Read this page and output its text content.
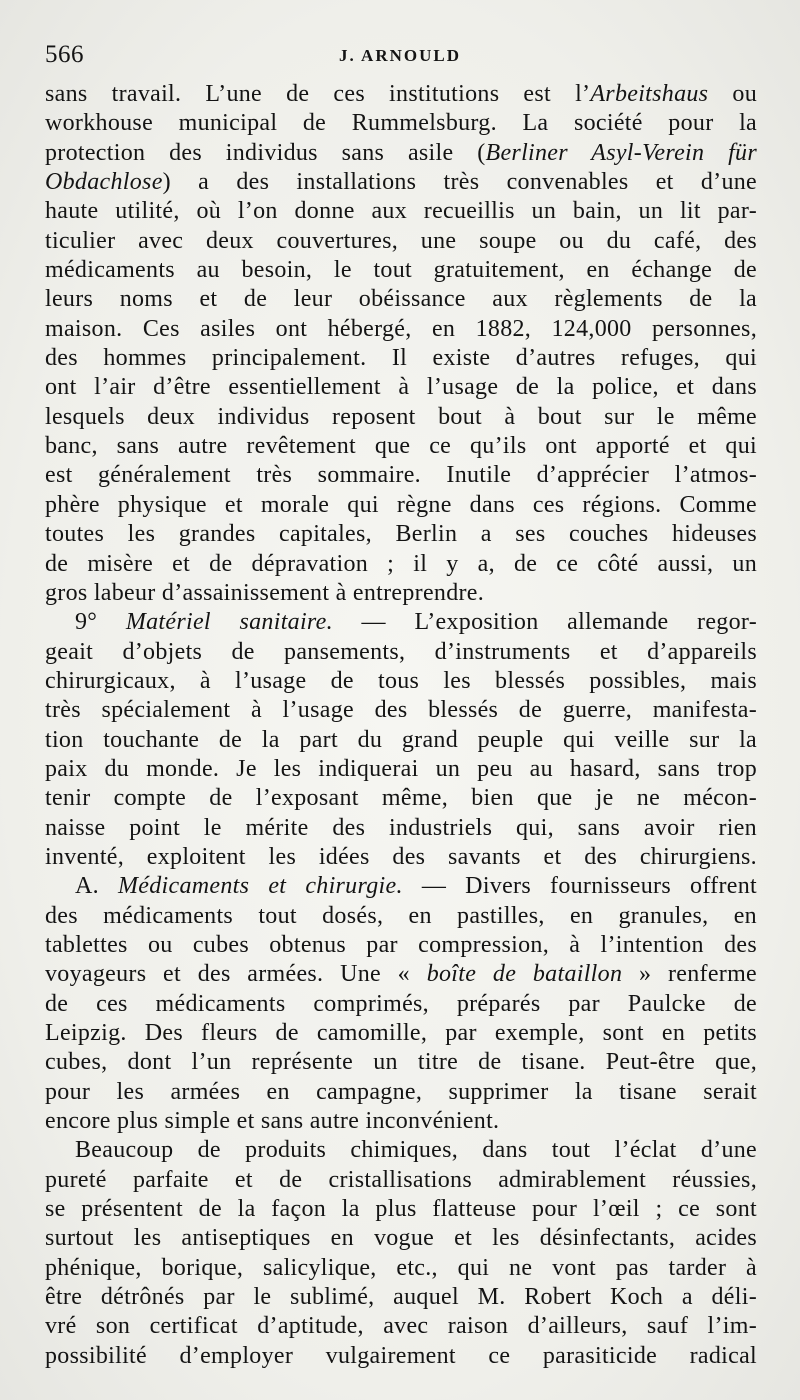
566	J. ARNOULD
sans travail. L’une de ces institutions est l’Arbeitshaus ou
workhouse municipal de Rummelsburg. La société pour la
protection des individus sans asile (Berliner Asyl-Verein für
Obdachlose) a des installations très convenables et d’une
haute utilité, où l’on donne aux recueillis un bain, un lit par-
ticulier avec deux couvertures, une soupe ou du café, des
médicaments au besoin, le tout gratuitement, en échange de
leurs noms et de leur obéissance aux règlements de la
maison. Ces asiles ont hébergé, en 1882, 124,000 personnes,
des hommes principalement. Il existe d’autres refuges, qui
ont l’air d’être essentiellement à l’usage de la police, et dans
lesquels deux individus reposent bout à bout sur le même
banc, sans autre revêtement que ce qu’ils ont apporté et qui
est généralement très sommaire. Inutile d’apprécier l’atmos-
phère physique et morale qui règne dans ces régions. Comme
toutes les grandes capitales, Berlin a ses couches hideuses
de misère et de dépravation ; il y a, de ce côté aussi, un
gros labeur d’assainissement à entreprendre.
9° Matériel sanitaire. — L’exposition allemande regor-
geait d’objets de pansements, d’instruments et d’appareils
chirurgicaux, à l’usage de tous les blessés possibles, mais
très spécialement à l’usage des blessés de guerre, manifesta-
tion touchante de la part du grand peuple qui veille sur la
paix du monde. Je les indiquerai un peu au hasard, sans trop
tenir compte de l’exposant même, bien que je ne mécon-
naisse point le mérite des industriels qui, sans avoir rien
inventé, exploitent les idées des savants et des chirurgiens.
A. Médicaments et chirurgie. — Divers fournisseurs offrent
des médicaments tout dosés, en pastilles, en granules, en
tablettes ou cubes obtenus par compression, à l’intention des
voyageurs et des armées. Une « boîte de bataillon » renferme
de ces médicaments comprimés, préparés par Paulcke de
Leipzig. Des fleurs de camomille, par exemple, sont en petits
cubes, dont l’un représente un titre de tisane. Peut-être que,
pour les armées en campagne, supprimer la tisane serait
encore plus simple et sans autre inconvénient.
Beaucoup de produits chimiques, dans tout l’éclat d’une
pureté parfaite et de cristallisations admirablement réussies,
se présentent de la façon la plus flatteuse pour l’œil ; ce sont
surtout les antiseptiques en vogue et les désinfectants, acides
phénique, borique, salicylique, etc., qui ne vont pas tarder à
être détrônés par le sublimé, auquel M. Robert Koch a déli-
vré son certificat d’aptitude, avec raison d’ailleurs, sauf l’im-
possibilité d’employer vulgairement ce parasiticide radical
